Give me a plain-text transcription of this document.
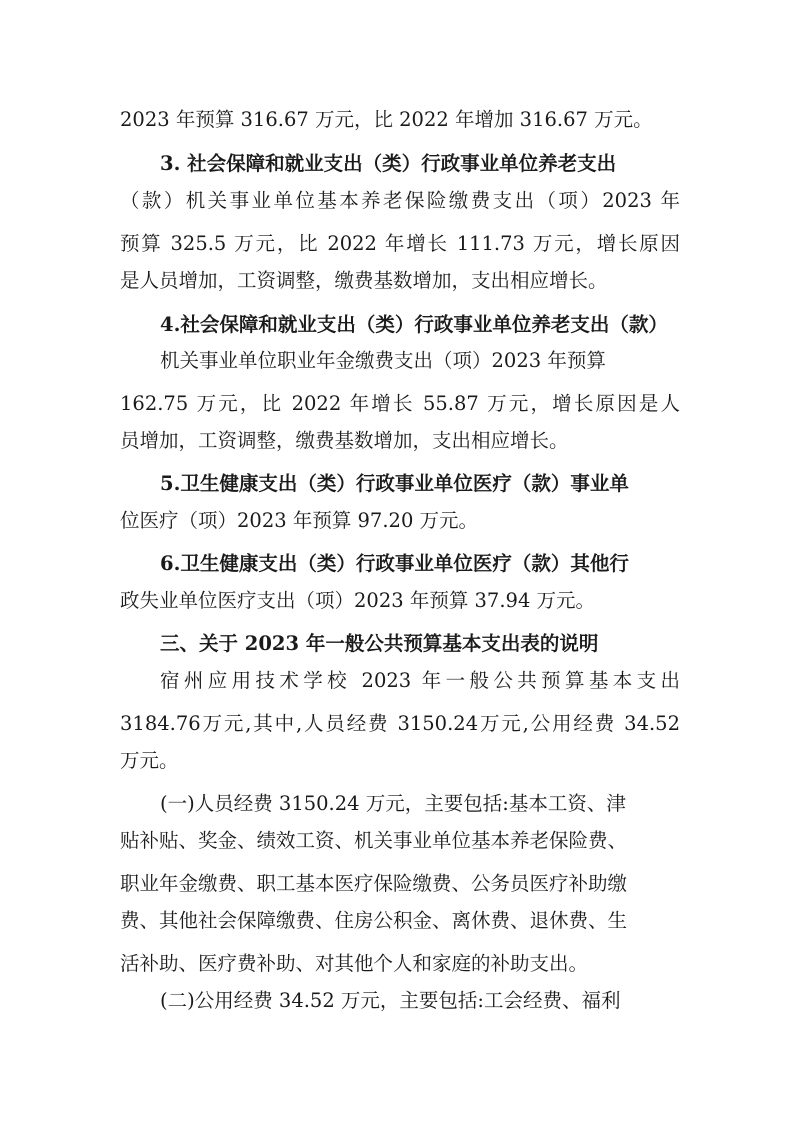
2023 年预算 316.67 万元，比 2022 年增加 316.67 万元。
3. 社会保障和就业支出（类）行政事业单位养老支出
（款）机关事业单位基本养老保险缴费支出（项）2023 年
预算 325.5 万元，比 2022 年增长 111.73 万元，增长原因
是人员增加，工资调整，缴费基数增加，支出相应增长。
4.社会保障和就业支出（类）行政事业单位养老支出（款）
机关事业单位职业年金缴费支出（项）2023 年预算
162.75 万元，比 2022 年增长 55.87 万元，增长原因是人
员增加，工资调整，缴费基数增加，支出相应增长。
5.卫生健康支出（类）行政事业单位医疗（款）事业单
位医疗（项）2023 年预算 97.20 万元。
6.卫生健康支出（类）行政事业单位医疗（款）其他行
政失业单位医疗支出（项）2023 年预算 37.94 万元。
三、关于 2023 年一般公共预算基本支出表的说明
宿州应用技术学校 2023 年一般公共预算基本支出
3184.76万元,其中,人员经费 3150.24万元,公用经费 34.52
万元。
(一)人员经费 3150.24 万元，主要包括:基本工资、津
贴补贴、奖金、绩效工资、机关事业单位基本养老保险费、
职业年金缴费、职工基本医疗保险缴费、公务员医疗补助缴
费、其他社会保障缴费、住房公积金、离休费、退休费、生
活补助、医疗费补助、对其他个人和家庭的补助支出。
(二)公用经费 34.52 万元，主要包括:工会经费、福利
